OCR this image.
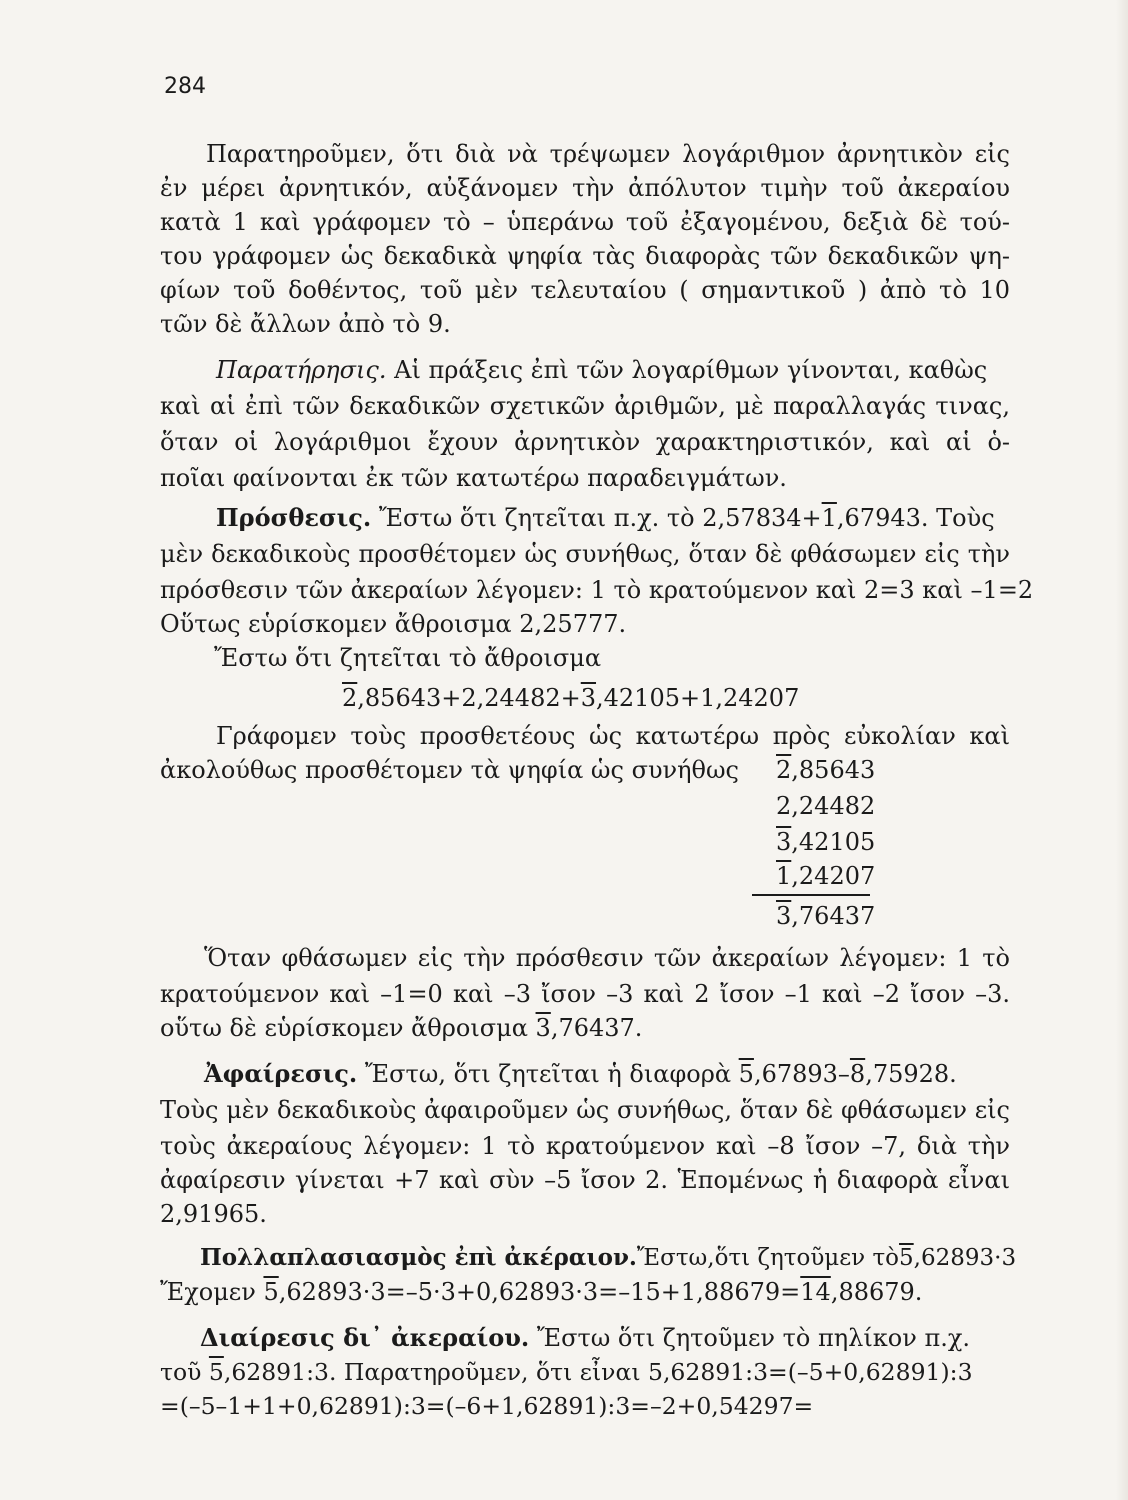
284
Παρατηροῦμεν, ὅτι διὰ νὰ τρέψωμεν λογάριθμον ἀρνητικὸν εἰς
ἐν μέρει ἀρνητικόν, αὐξάνομεν τὴν ἀπόλυτον τιμὴν τοῦ ἀκεραίου
κατὰ 1 καὶ γράφομεν τὸ – ὑπεράνω τοῦ ἐξαγομένου, δεξιὰ δὲ τού-
του γράφομεν ὡς δεκαδικὰ ψηφία τὰς διαφορὰς τῶν δεκαδικῶν ψη-
φίων τοῦ δοθέντος, τοῦ μὲν τελευταίου ( σημαντικοῦ ) ἀπὸ τὸ 10
τῶν δὲ ἄλλων ἀπὸ τὸ 9.
Παρατήρησις. Αἱ πράξεις ἐπὶ τῶν λογαρίθμων γίνονται, καθὼς
καὶ αἱ ἐπὶ τῶν δεκαδικῶν σχετικῶν ἀριθμῶν, μὲ παραλλαγάς τινας,
ὅταν οἱ λογάριθμοι ἔχουν ἀρνητικὸν χαρακτηριστικόν, καὶ αἱ ὁ-
ποῖαι φαίνονται ἐκ τῶν κατωτέρω παραδειγμάτων.
Πρόσθεσις. Ἔστω ὅτι ζητεῖται π.χ. τὸ 2,57834+1,67943. Τοὺς
μὲν δεκαδικοὺς προσθέτομεν ὡς συνήθως, ὅταν δὲ φθάσωμεν εἰς τὴν
πρόσθεσιν τῶν ἀκεραίων λέγομεν: 1 τὸ κρατούμενον καὶ 2=3 καὶ –1=2
Οὕτως εὑρίσκομεν ἄθροισμα 2,25777.
Ἔστω ὅτι ζητεῖται τὸ ἄθροισμα
2,85643+2,24482+3,42105+1,24207
Γράφομεν τοὺς προσθετέους ὡς κατωτέρω πρὸς εὐκολίαν καὶ
ἀκολούθως προσθέτομεν τὰ ψηφία ὡς συνήθως 2,85643
2,24482
3,42105
1,24207
3,76437
Ὅταν φθάσωμεν εἰς τὴν πρόσθεσιν τῶν ἀκεραίων λέγομεν: 1 τὸ
κρατούμενον καὶ –1=0 καὶ –3 ἴσον –3 καὶ 2 ἴσον –1 καὶ –2 ἴσον –3.
οὕτω δὲ εὑρίσκομεν ἄθροισμα 3,76437.
Ἀφαίρεσις. Ἔστω, ὅτι ζητεῖται ἡ διαφορὰ 5,67893–8,75928.
Τοὺς μὲν δεκαδικοὺς ἀφαιροῦμεν ὡς συνήθως, ὅταν δὲ φθάσωμεν εἰς
τοὺς ἀκεραίους λέγομεν: 1 τὸ κρατούμενον καὶ –8 ἴσον –7, διὰ τὴν
ἀφαίρεσιν γίνεται +7 καὶ σὺν –5 ἴσον 2. Ἑπομένως ἡ διαφορὰ εἶναι
2,91965.
Πολλαπλασιασμὸς ἐπὶ ἀκέραιον.Ἔστω,ὅτι ζητοῦμεν τὸ5,62893·3
Ἔχομεν 5,62893·3=–5·3+0,62893·3=–15+1,88679=14,88679.
Διαίρεσις δι᾽ ἀκεραίου. Ἔστω ὅτι ζητοῦμεν τὸ πηλίκον π.χ.
τοῦ 5,62891:3. Παρατηροῦμεν, ὅτι εἶναι 5,62891:3=(–5+0,62891):3
=(–5–1+1+0,62891):3=(–6+1,62891):3=–2+0,54297=
